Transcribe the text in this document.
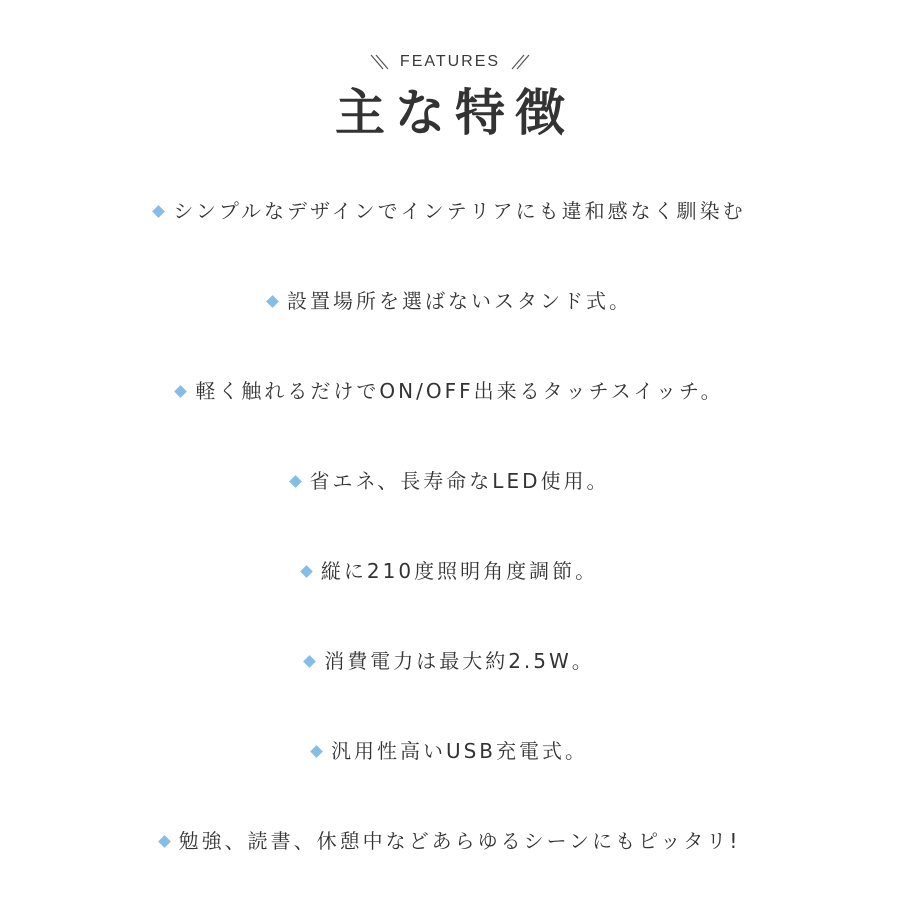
FEATURES
主な特徴
シンプルなデザインでインテリアにも違和感なく馴染む
設置場所を選ばないスタンド式。
軽く触れるだけでON/OFF出来るタッチスイッチ。
省エネ、長寿命なLED使用。
縦に210度照明角度調節。
消費電力は最大約2.5W。
汎用性高いUSB充電式。
勉強、読書、休憩中などあらゆるシーンにもピッタリ!
